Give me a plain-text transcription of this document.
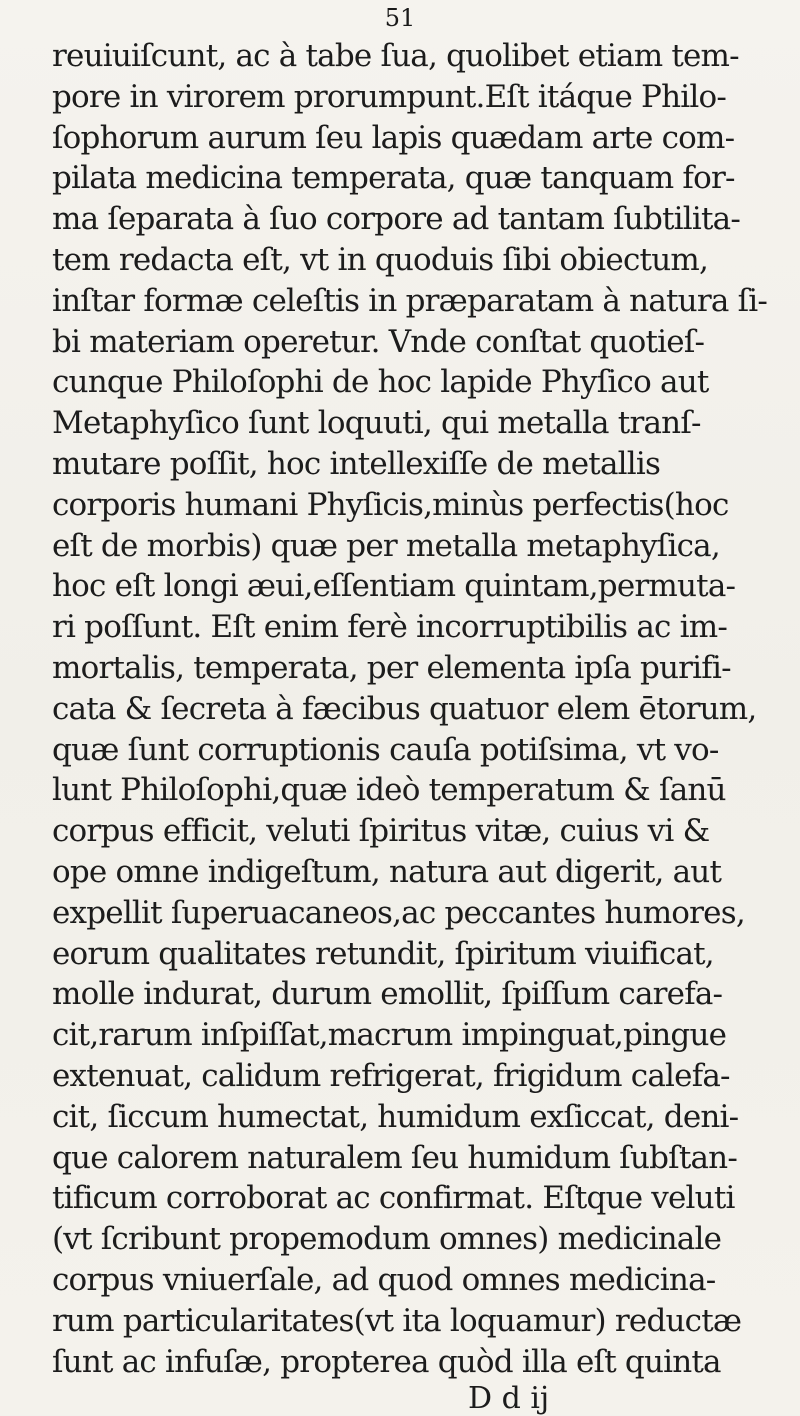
51
reuiuiſcunt, ac à tabe ſua, quolibet etiam tem-
pore in virorem prorumpunt.Eſt itáque Philo-
ſophorum aurum ſeu lapis quædam arte com-
pilata medicina temperata, quæ tanquam for-
ma ſeparata à ſuo corpore ad tantam ſubtilita-
tem redacta eſt, vt in quoduis ſibi obiectum,
inſtar formæ celeſtis in præparatam à natura ſi-
bi materiam operetur. Vnde conſtat quotieſ-
cunque Philoſophi de hoc lapide Phyſico aut
Metaphyſico ſunt loquuti, qui metalla tranſ-
mutare poſſit, hoc intellexiſſe de metallis
corporis humani Phyſicis,minùs perfectis(hoc
eſt de morbis) quæ per metalla metaphyſica,
hoc eſt longi æui,eſſentiam quintam,permuta-
ri poſſunt. Eſt enim ferè incorruptibilis ac im-
mortalis, temperata, per elementa ipſa purifi-
cata & ſecreta à fæcibus quatuor elem ētorum,
quæ ſunt corruptionis cauſa potiſsima, vt vo-
lunt Philoſophi,quæ ideò temperatum & ſanū
corpus efficit, veluti ſpiritus vitæ, cuius vi &
ope omne indigeſtum, natura aut digerit, aut
expellit ſuperuacaneos,ac peccantes humores,
eorum qualitates retundit, ſpiritum viuificat,
molle indurat, durum emollit, ſpiſſum carefa-
cit,rarum inſpiſſat,macrum impinguat,pingue
extenuat, calidum refrigerat, frigidum calefa-
cit, ſiccum humectat, humidum exſiccat, deni-
que calorem naturalem ſeu humidum ſubſtan-
tificum corroborat ac confirmat. Eſtque veluti
(vt ſcribunt propemodum omnes) medicinale
corpus vniuerſale, ad quod omnes medicina-
rum particularitates(vt ita loquamur) reductæ
ſunt ac infuſæ, propterea quòd illa eſt quinta
D d ij
